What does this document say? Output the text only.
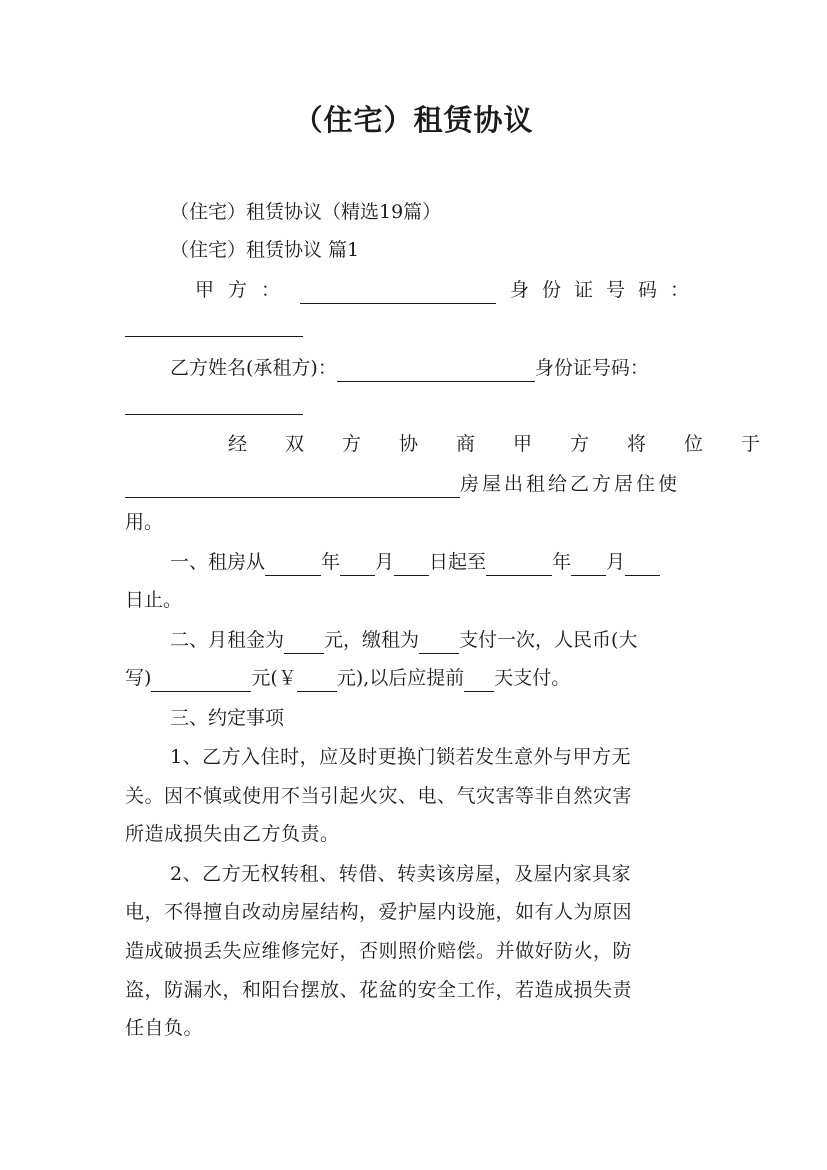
（住宅）租赁协议
（住宅）租赁协议（精选19篇）
（住宅）租赁协议 篇1
甲方：	身份证号码：
乙方姓名(承租方)：	身份证号码：
经双方协商甲方将位于
房屋出租给乙方居住使
用。
一、租房从	年 月 日起至	年 月
日止。
二、月租金为 元，缴租为 支付一次，人民币(大
写)	元(￥ 元),以后应提前 天支付。
三、约定事项
1、乙方入住时，应及时更换门锁若发生意外与甲方无
关。因不慎或使用不当引起火灾、电、气灾害等非自然灾害
所造成损失由乙方负责。
2、乙方无权转租、转借、转卖该房屋，及屋内家具家
电，不得擅自改动房屋结构，爱护屋内设施，如有人为原因
造成破损丢失应维修完好，否则照价赔偿。并做好防火，防
盗，防漏水，和阳台摆放、花盆的安全工作，若造成损失责
任自负。
